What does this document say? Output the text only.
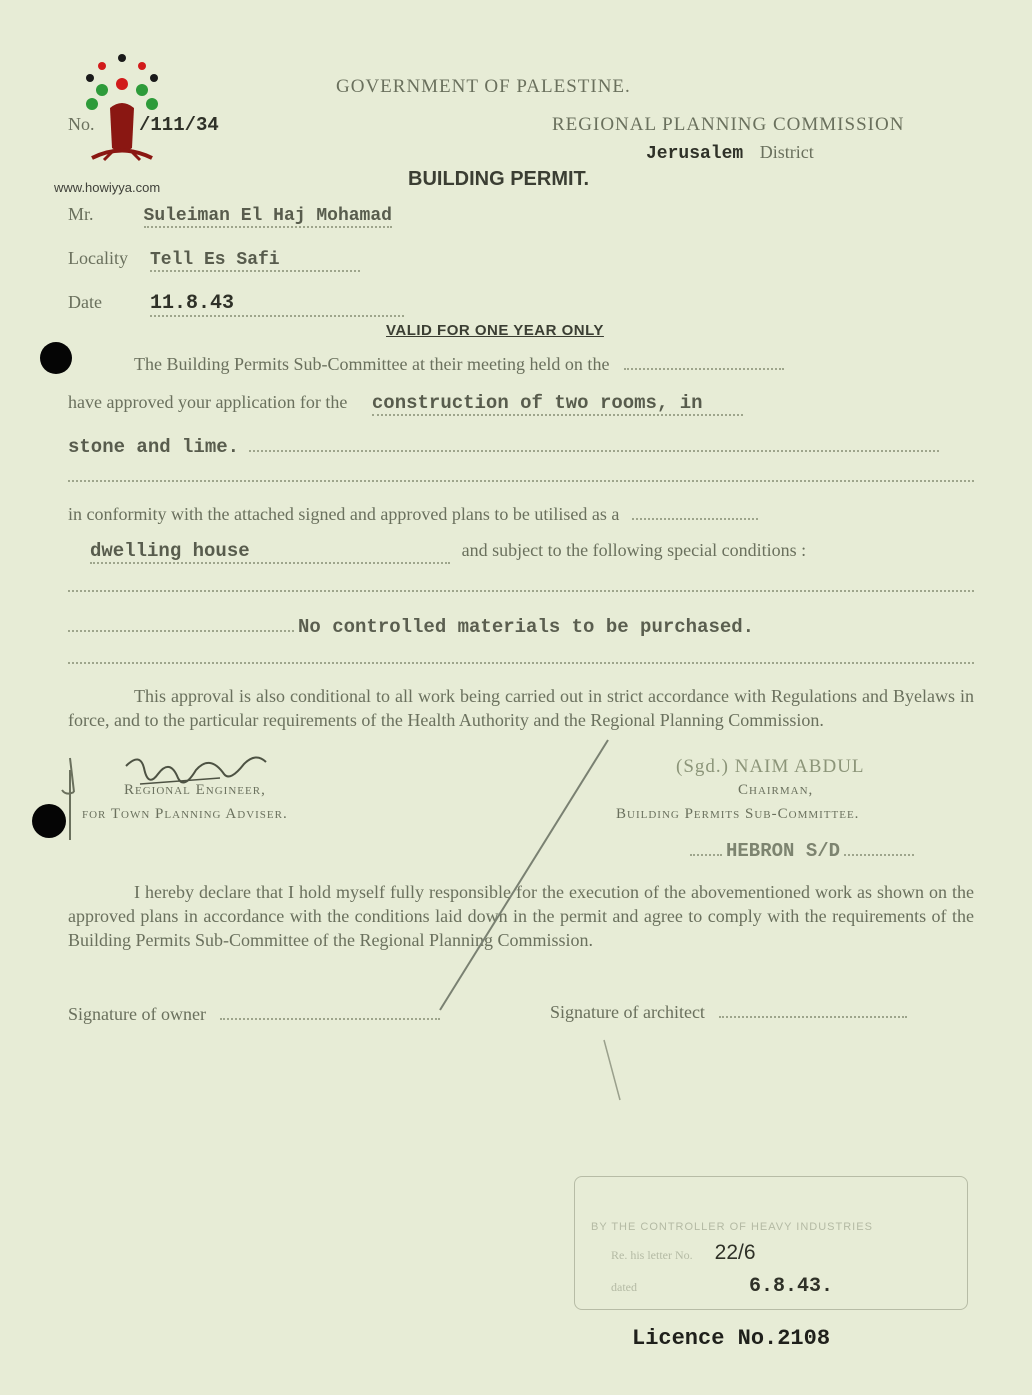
www.howiyya.com
GOVERNMENT OF PALESTINE.
REGIONAL PLANNING COMMISSION
Jerusalem District
No. /111/34
BUILDING PERMIT.
Mr.	Suleiman El Haj Mohamad
Locality Tell Es Safi
Date 11.8.43
VALID FOR ONE YEAR ONLY
The Building Permits Sub-Committee at their meeting held on the
have approved your application for the construction of two rooms, in
stone and lime.
in conformity with the attached signed and approved plans to be utilised as a
dwelling house	and subject to the following special conditions :
No controlled materials to be purchased.
This approval is also conditional to all work being carried out in strict accordance with Regulations and Byelaws in force, and to the particular requirements of the Health Authority and the Regional Planning Commission.
Regional Engineer,
for Town Planning Adviser.
(Sgd.) NAIM ABDUL
Chairman,
Building Permits Sub-Committee.
HEBRON S/D
I hereby declare that I hold myself fully responsible for the execution of the abovementioned work as shown on the approved plans in accordance with the conditions laid down in the permit and agree to comply with the requirements of the Building Permits Sub-Committee of the Regional Planning Commission.
Signature of owner	Signature of architect
BY THE CONTROLLER OF HEAVY INDUSTRIES
Re. his letter No. 22/6
dated	6.8.43.
Licence No.2108
